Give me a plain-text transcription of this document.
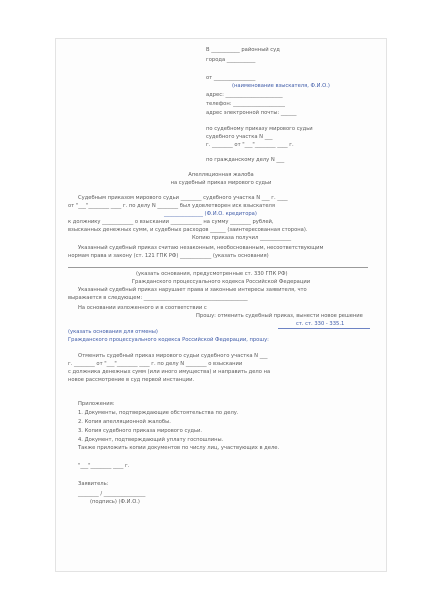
В ___________ районный суд
города ___________
от ________________
(наименование взыскателя, Ф.И.О.)
адрес: ______________________
телефон: ____________________
адрес электронной почты: ______
по судебному приказу мирового судьи
судебного участка N ___
г. ________ от "___"________ ____ г.
по гражданскому делу N ___
Апелляционная жалоба
на судебный приказ мирового судьи
Судебным приказом мирового судьи ________ судебного участка N ___ г. ____
от "___"________ ____ г. по делу N ________ был удовлетворен иск взыскателя
_______________ (Ф.И.О. кредитора)
к должнику ____________ о взыскании ____________ на сумму ________ рублей,
взысканных денежных сумм, и судебных расходов ______ (заинтересованная сторона).
Копию приказа получил ____________
Указанный судебный приказ считаю незаконным, необоснованным, несоответствующим
нормам права и закону (ст. 121 ГПК РФ) ____________ (указать основания)
(указать основания, предусмотренные ст. 330 ГПК РФ)
Гражданского процессуального кодекса Российской Федерации
Указанный судебный приказ нарушает права и законные интересы заявителя, что
выражается в следующем: ________________________________________
На основании изложенного и в соответствии с
Прошу: отменить судебный приказ, вынести новое решение
ст. ст. 330 - 335.1
(указать основания для отмены)
Гражданского процессуального кодекса Российской Федерации, прошу:
Отменить судебный приказ мирового судьи судебного участка N ___
г. ________ от "___"________ ____ г. по делу N ________ о взыскании
с должника денежных сумм (или иного имущества) и направить дело на
новое рассмотрение в суд первой инстанции.
Приложения:
1. Документы, подтверждающие обстоятельства по делу.
2. Копия апелляционной жалобы.
3. Копия судебного приказа мирового судьи.
4. Документ, подтверждающий уплату госпошлины.
Также приложить копии документов по числу лиц, участвующих в деле.
"___"________ ____ г.
Заявитель:
________ / ________________
(подпись) (Ф.И.О.)
